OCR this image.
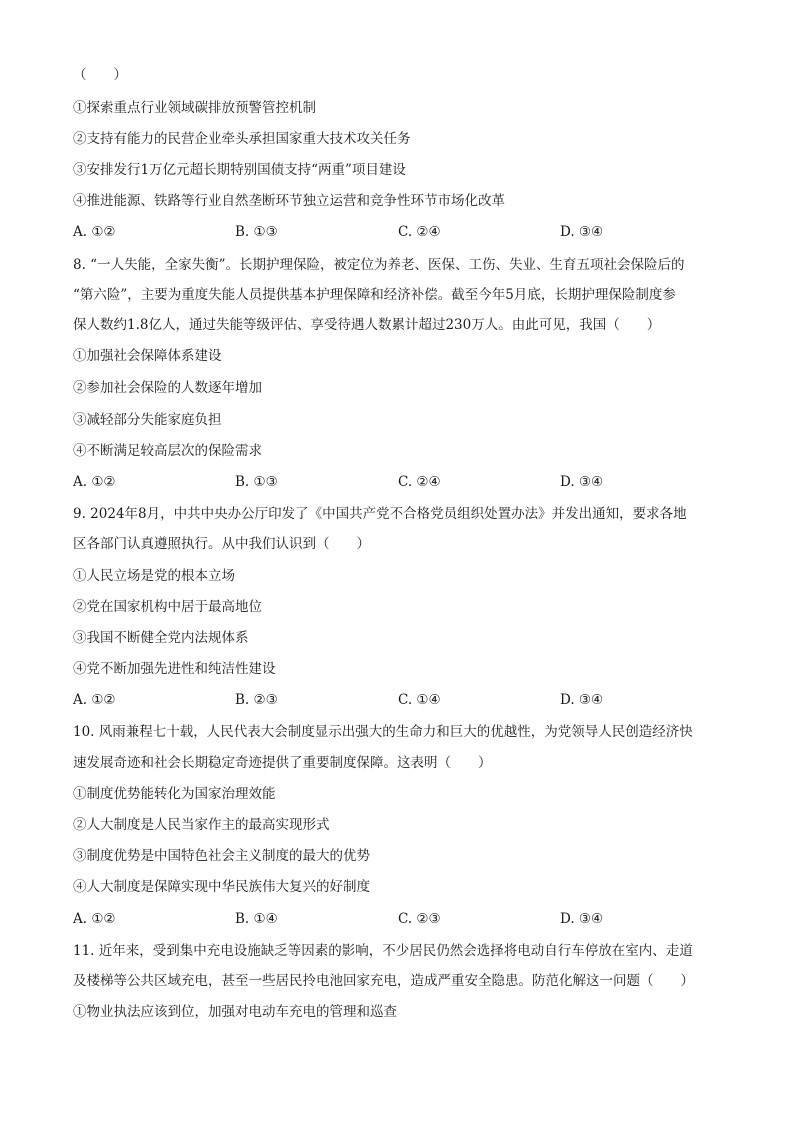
（　　）
①探索重点行业领域碳排放预警管控机制
②支持有能力的民营企业牵头承担国家重大技术攻关任务
③安排发行1万亿元超长期特别国债支持“两重”项目建设
④推进能源、铁路等行业自然垄断环节独立运营和竞争性环节市场化改革
A. ①②	B. ①③	C. ②④	D. ③④
8. “一人失能，全家失衡”。长期护理保险，被定位为养老、医保、工伤、失业、生育五项社会保险后的
“第六险”，主要为重度失能人员提供基本护理保障和经济补偿。截至今年5月底，长期护理保险制度参
保人数约1.8亿人，通过失能等级评估、享受待遇人数累计超过230万人。由此可见，我国（　　）
①加强社会保障体系建设
②参加社会保险的人数逐年增加
③减轻部分失能家庭负担
④不断满足较高层次的保险需求
A. ①②	B. ①③	C. ②④	D. ③④
9. 2024年8月，中共中央办公厅印发了《中国共产党不合格党员组织处置办法》并发出通知，要求各地
区各部门认真遵照执行。从中我们认识到（　　）
①人民立场是党的根本立场
②党在国家机构中居于最高地位
③我国不断健全党内法规体系
④党不断加强先进性和纯洁性建设
A. ①②	B. ②③	C. ①④	D. ③④
10. 风雨兼程七十载，人民代表大会制度显示出强大的生命力和巨大的优越性，为党领导人民创造经济快
速发展奇迹和社会长期稳定奇迹提供了重要制度保障。这表明（　　）
①制度优势能转化为国家治理效能
②人大制度是人民当家作主的最高实现形式
③制度优势是中国特色社会主义制度的最大的优势
④人大制度是保障实现中华民族伟大复兴的好制度
A. ①②	B. ①④	C. ②③	D. ③④
11. 近年来，受到集中充电设施缺乏等因素的影响，不少居民仍然会选择将电动自行车停放在室内、走道
及楼梯等公共区域充电，甚至一些居民拎电池回家充电，造成严重安全隐患。防范化解这一问题（　　）
①物业执法应该到位，加强对电动车充电的管理和巡查
